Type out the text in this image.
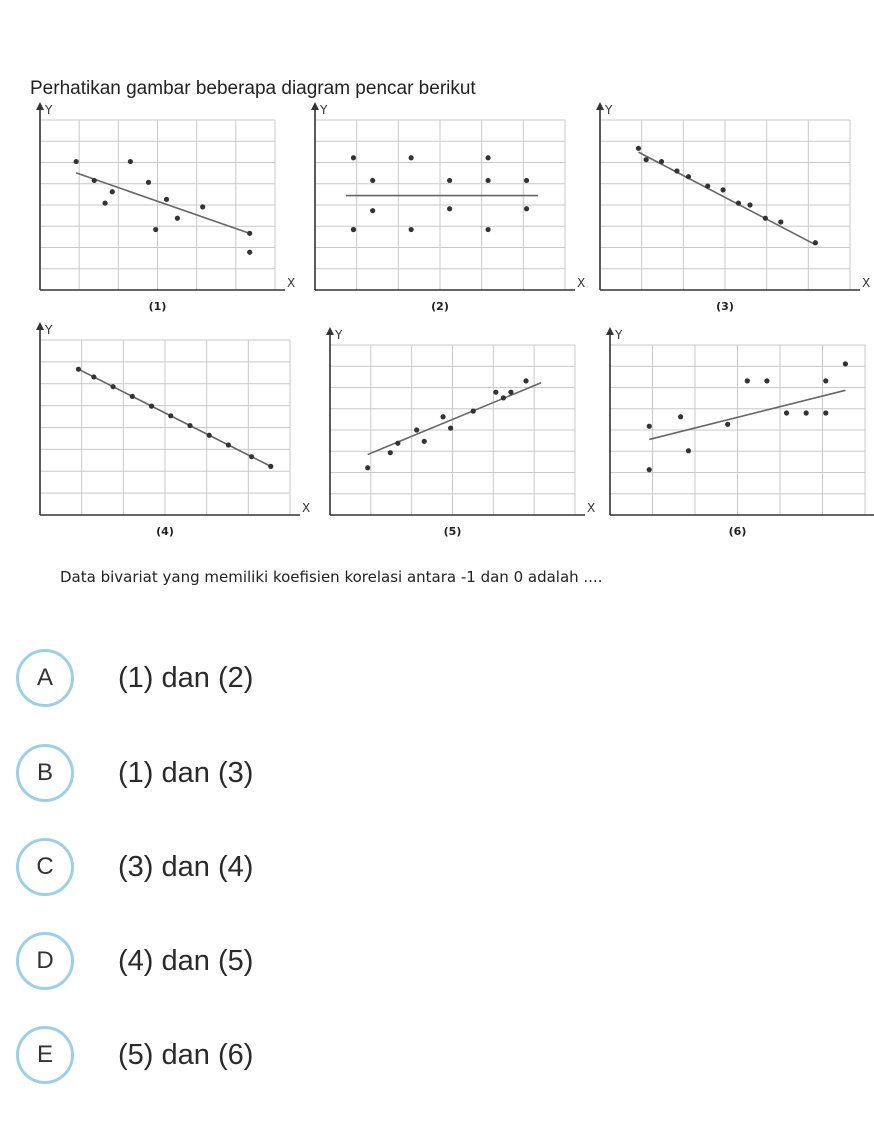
Perhatikan gambar beberapa diagram pencar berikut
Y
X
(1)
Y
X
(2)
Y
X
(3)
Y
X
(4)
Y
X
(5)
Y
(6)
Data bivariat yang memiliki koefisien korelasi antara -1 dan 0 adalah ....
A	(1) dan (2)
B	(1) dan (3)
C	(3) dan (4)
D	(4) dan (5)
E	(5) dan (6)
